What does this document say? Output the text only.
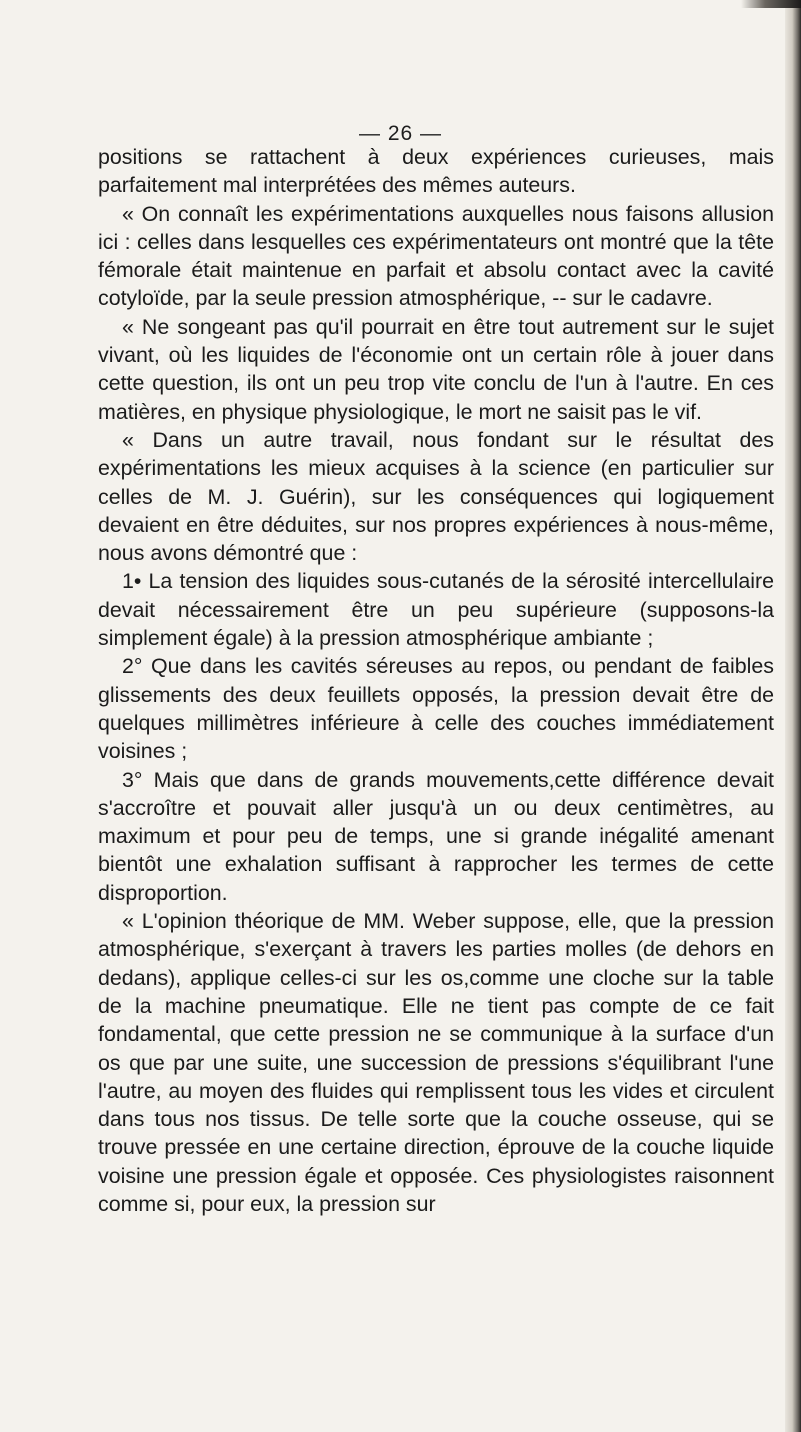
— 26 —

positions se rattachent à deux expériences curieuses, mais parfaitement mal interprétées des mêmes auteurs.

« On connaît les expérimentations auxquelles nous faisons allusion ici : celles dans lesquelles ces expérimentateurs ont montré que la tête fémorale était maintenue en parfait et absolu contact avec la cavité cotyloïde, par la seule pression atmosphérique, -- sur le cadavre.

« Ne songeant pas qu'il pourrait en être tout autrement sur le sujet vivant, où les liquides de l'économie ont un certain rôle à jouer dans cette question, ils ont un peu trop vite conclu de l'un à l'autre. En ces matières, en physique physiologique, le mort ne saisit pas le vif.

« Dans un autre travail, nous fondant sur le résultat des expérimentations les mieux acquises à la science (en particulier sur celles de M. J. Guérin), sur les conséquences qui logiquement devaient en être déduites, sur nos propres expériences à nous-même, nous avons démontré que :

1• La tension des liquides sous-cutanés de la sérosité intercellulaire devait nécessairement être un peu supérieure (supposons-la simplement égale) à la pression atmosphérique ambiante ;

2° Que dans les cavités séreuses au repos, ou pendant de faibles glissements des deux feuillets opposés, la pression devait être de quelques millimètres inférieure à celle des couches immédiatement voisines ;

3° Mais que dans de grands mouvements,cette différence devait s'accroître et pouvait aller jusqu'à un ou deux centimètres, au maximum et pour peu de temps, une si grande inégalité amenant bientôt une exhalation suffisant à rapprocher les termes de cette disproportion.

« L'opinion théorique de MM. Weber suppose, elle, que la pression atmosphérique, s'exerçant à travers les parties molles (de dehors en dedans), applique celles-ci sur les os,comme une cloche sur la table de la machine pneumatique. Elle ne tient pas compte de ce fait fondamental, que cette pression ne se communique à la surface d'un os que par une suite, une succession de pressions s'équilibrant l'une l'autre, au moyen des fluides qui remplissent tous les vides et circulent dans tous nos tissus. De telle sorte que la couche osseuse, qui se trouve pressée en une certaine direction, éprouve de la couche liquide voisine une pression égale et opposée. Ces physiologistes raisonnent comme si, pour eux, la pression sur
